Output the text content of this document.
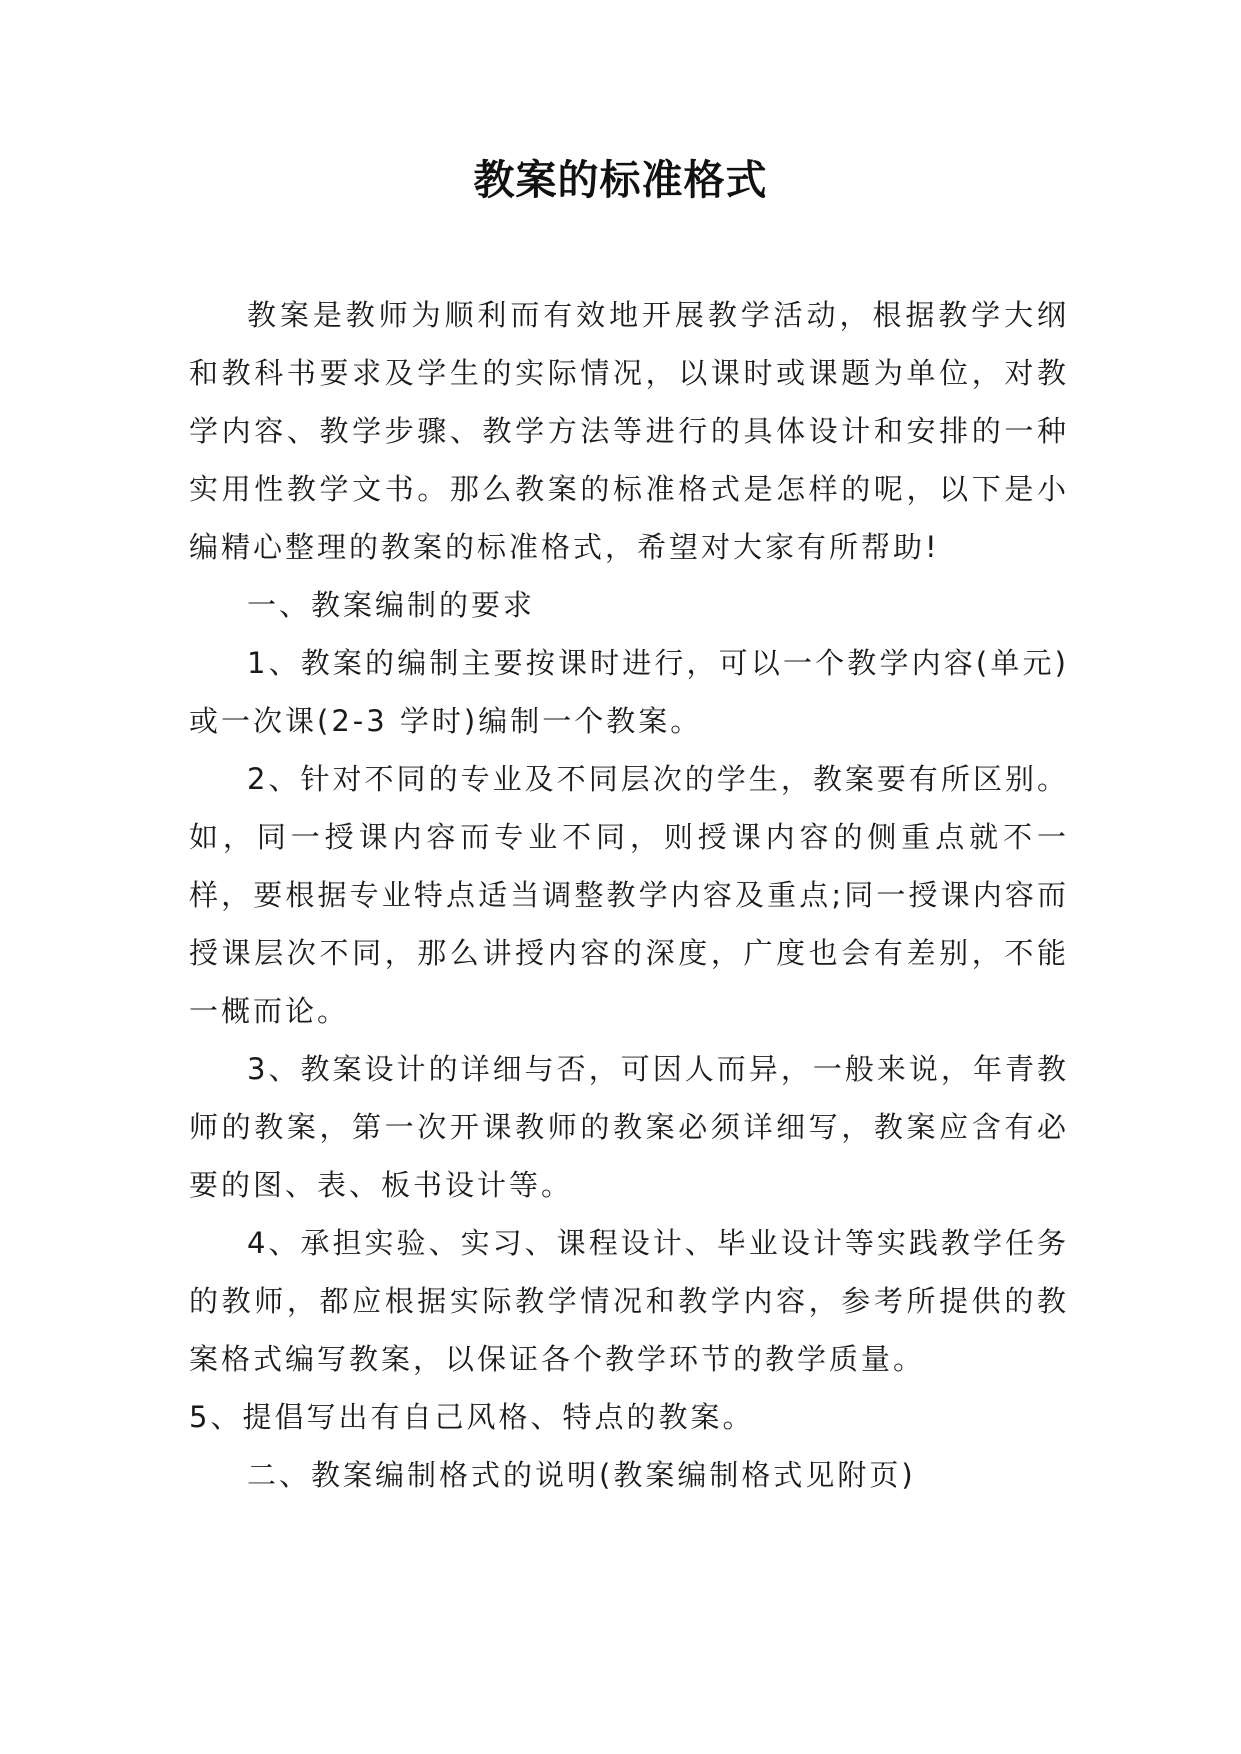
教案的标准格式

教案是教师为顺利而有效地开展教学活动，根据教学大纲和教科书要求及学生的实际情况，以课时或课题为单位，对教学内容、教学步骤、教学方法等进行的具体设计和安排的一种实用性教学文书。那么教案的标准格式是怎样的呢，以下是小编精心整理的教案的标准格式，希望对大家有所帮助!

一、教案编制的要求

1、教案的编制主要按课时进行，可以一个教学内容(单元)或一次课(2-3 学时)编制一个教案。

2、针对不同的专业及不同层次的学生，教案要有所区别。如，同一授课内容而专业不同，则授课内容的侧重点就不一样，要根据专业特点适当调整教学内容及重点;同一授课内容而授课层次不同，那么讲授内容的深度，广度也会有差别，不能一概而论。

3、教案设计的详细与否，可因人而异，一般来说，年青教师的教案，第一次开课教师的教案必须详细写，教案应含有必要的图、表、板书设计等。

4、承担实验、实习、课程设计、毕业设计等实践教学任务的教师，都应根据实际教学情况和教学内容，参考所提供的教案格式编写教案，以保证各个教学环节的教学质量。

5、提倡写出有自己风格、特点的教案。

二、教案编制格式的说明(教案编制格式见附页)
